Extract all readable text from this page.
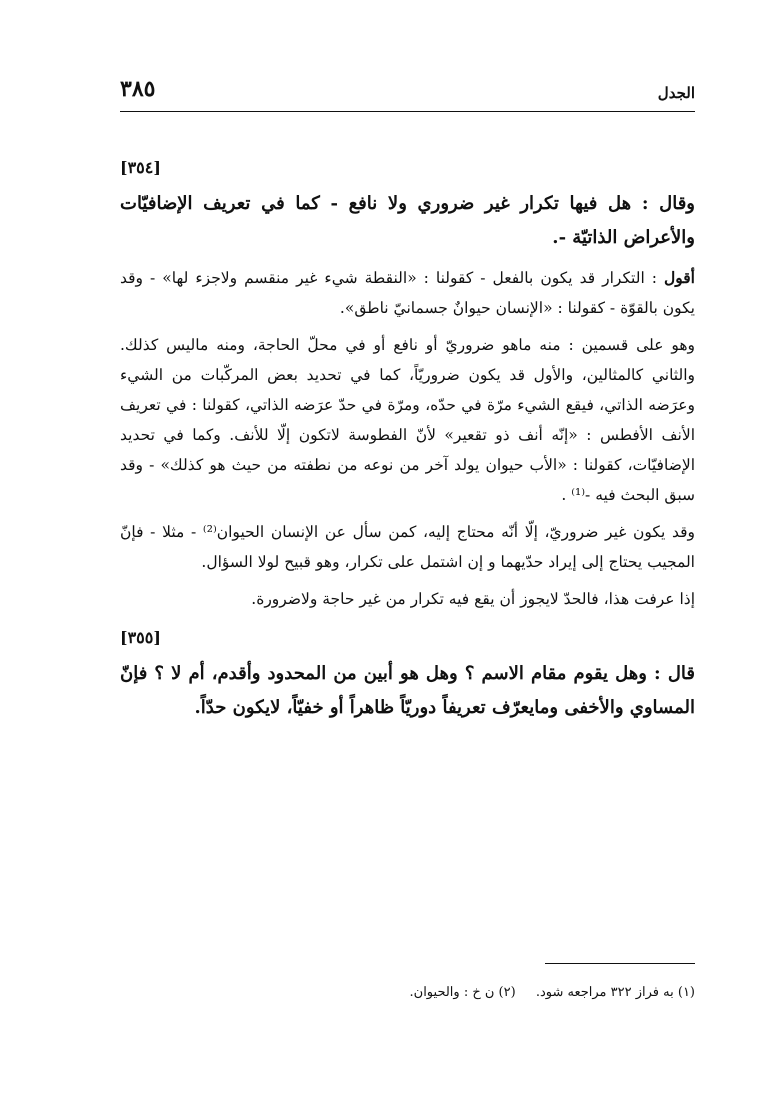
الجدل
٣٨٥
[٣٥٤]
وقال : هل فيها تكرار غير ضروري ولا نافع - كما في تعريف الإضافيّات والأعراض الذاتيّة -.
أقول : التكرار قد يكون بالفعل - كقولنا : «النقطة شيء غير منقسم ولاجزء لها» - وقد يكون بالقوّة - كقولنا : «الإنسان حيوانٌ جسمانيّ ناطق».
وهو على قسمين : منه ماهو ضروريّ أو نافع أو في محلّ الحاجة، ومنه ماليس كذلك. والثاني كالمثالين، والأول قد يكون ضروريّاً، كما في تحديد بعض المركّبات من الشيء وعرَضه الذاتي، فيقع الشيء مرّة في حدّه، ومرّة في حدّ عرَضه الذاتي، كقولنا : في تعريف الأنف الأفطس : «إنّه أنف ذو تقعير» لأنّ الفطوسة لاتكون إلّا للأنف. وكما في تحديد الإضافيّات، كقولنا : «الأب حيوان يولد آخر من نوعه من نطفته من حيث هو كذلك» - وقد سبق البحث فيه -⁽¹⁾ .
وقد يكون غير ضروريّ، إلّا أنّه محتاج إليه، كمن سأل عن الإنسان الحيوان⁽²⁾ - مثلا - فإنّ المجيب يحتاج إلى إيراد حدّيهما و إن اشتمل على تكرار، وهو قبيح لولا السؤال.
إذا عرفت هذا، فالحدّ لايجوز أن يقع فيه تكرار من غير حاجة ولاضرورة.
[٣٥٥]
قال : وهل يقوم مقام الاسم ؟ وهل هو أبين من المحدود وأقدم، أم لا ؟ فإنّ المساوي والأخفى ومايعرّف تعريفاً دوريّاً ظاهراً أو خفيّاً، لايكون حدّاً.
(١) به فراز ٣٢٢ مراجعه شود. (٢) ن خ : والحيوان.
